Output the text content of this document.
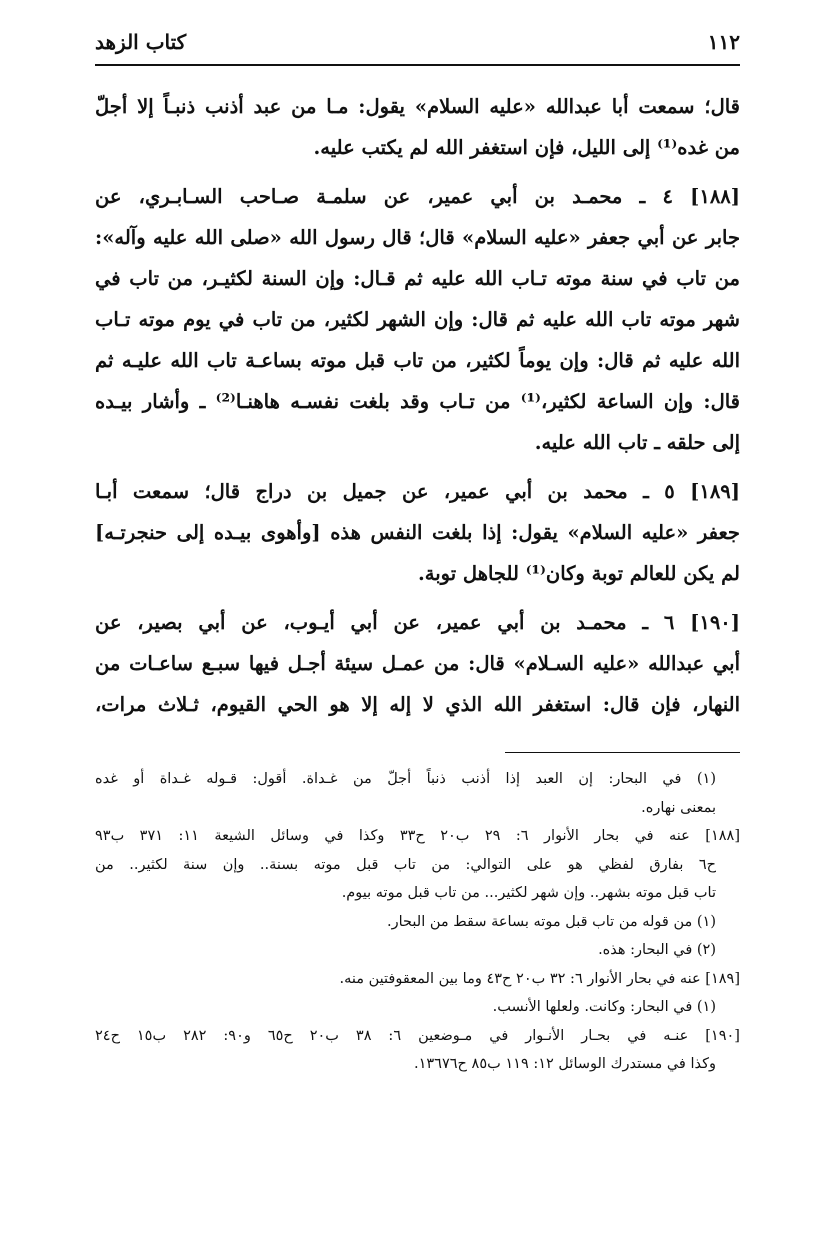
١١٢
كتاب الزهد
قال؛ سمعت أبا عبدالله «عليه السلام» يقول: مـا من عبد أذنب ذنبـاً إلا أجلّ
من غده⁽¹⁾ إلى الليل، فإن استغفر الله لم يكتب عليه.
[١٨٨] ٤ ـ محمـد بن أبي عمير، عن سلمـة صـاحب السـابـري، عن
جابر عن أبي جعفر «عليه السلام» قال؛ قال رسول الله «صلى الله عليه وآله»:
من تاب في سنة موته تـاب الله عليه ثم قـال: وإن السنة لكثيـر، من تاب في
شهر موته تاب الله عليه ثم قال: وإن الشهر لكثير، من تاب في يوم موته تـاب
الله عليه ثم قال: وإن يوماً لكثير، من تاب قبل موته بساعـة تاب الله عليـه ثم
قال: وإن الساعة لكثير،⁽¹⁾ من تـاب وقد بلغت نفسـه هاهنـا⁽²⁾ ـ وأشار بيـده
إلى حلقه ـ تاب الله عليه.
[١٨٩] ٥ ـ محمد بن أبي عمير، عن جميل بن دراج قال؛ سمعت أبـا
جعفر «عليه السلام» يقول: إذا بلغت النفس هذه [وأهوى بيـده إلى حنجرتـه]
لم يكن للعالم توبة وكان⁽¹⁾ للجاهل توبة.
[١٩٠] ٦ ـ محمـد بن أبي عمير، عن أبي أيـوب، عن أبي بصير، عن
أبي عبدالله «عليه السـلام» قال: من عمـل سيئة أجـل فيها سبـع ساعـات من
النهار، فإن قال: استغفر الله الذي لا إله إلا هو الحي القيوم، ثـلاث مرات،
(١) في البحار: إن العبد إذا أذنب ذنباً أجلّ من غـداة. أقول: قـوله غـداة أو غده
بمعنى نهاره.
[١٨٨] عنه في بحار الأنوار ٦: ٢٩ ب٢٠ ح٣٣ وكذا في وسائل الشيعة ١١: ٣٧١ ب٩٣
ح٦ بفارق لفظي هو على التوالي: من تاب قبل موته بسنة.. وإن سنة لكثير.. من
تاب قبل موته بشهر.. وإن شهر لكثير... من تاب قبل موته بيوم.
(١) من قوله من تاب قبل موته بساعة سقط من البحار.
(٢) في البحار: هذه.
[١٨٩] عنه في بحار الأنوار ٦: ٣٢ ب٢٠ ح٤٣ وما بين المعقوفتين منه.
(١) في البحار: وكانت. ولعلها الأنسب.
[١٩٠] عنـه في بحـار الأنـوار في مـوضعين ٦: ٣٨ ب٢٠ ح٦٥ و٩٠: ٢٨٢ ب١٥ ح٢٤
وكذا في مستدرك الوسائل ١٢: ١١٩ ب٨٥ ح١٣٦٧٦.
